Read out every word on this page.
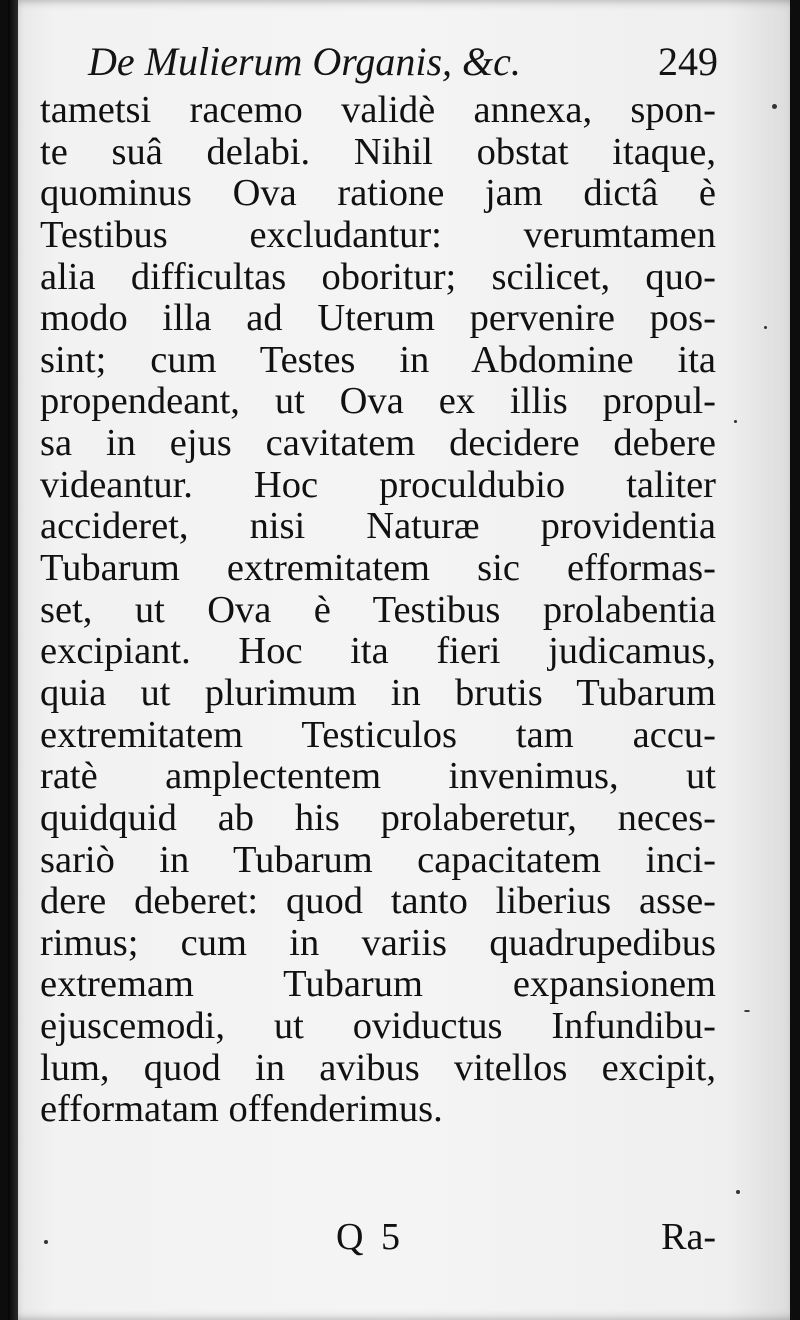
De Mulierum Organis, &c.	249
tametsi racemo validè annexa, spon-
te suâ delabi. Nihil obstat itaque,
quominus Ova ratione jam dictâ è
Testibus excludantur: verumtamen
alia difficultas oboritur; scilicet, quo-
modo illa ad Uterum pervenire pos-
sint; cum Testes in Abdomine ita
propendeant, ut Ova ex illis propul-
sa in ejus cavitatem decidere debere
videantur. Hoc proculdubio taliter
accideret, nisi Naturæ providentia
Tubarum extremitatem sic efformas-
set, ut Ova è Testibus prolabentia
excipiant. Hoc ita fieri judicamus,
quia ut plurimum in brutis Tubarum
extremitatem Testiculos tam accu-
ratè amplectentem invenimus, ut
quidquid ab his prolaberetur, neces-
sariò in Tubarum capacitatem inci-
dere deberet: quod tanto liberius asse-
rimus; cum in variis quadrupedibus
extremam Tubarum expansionem
ejuscemodi, ut oviductus Infundibu-
lum, quod in avibus vitellos excipit,
efformatam offenderimus.
Q 5	Ra-
